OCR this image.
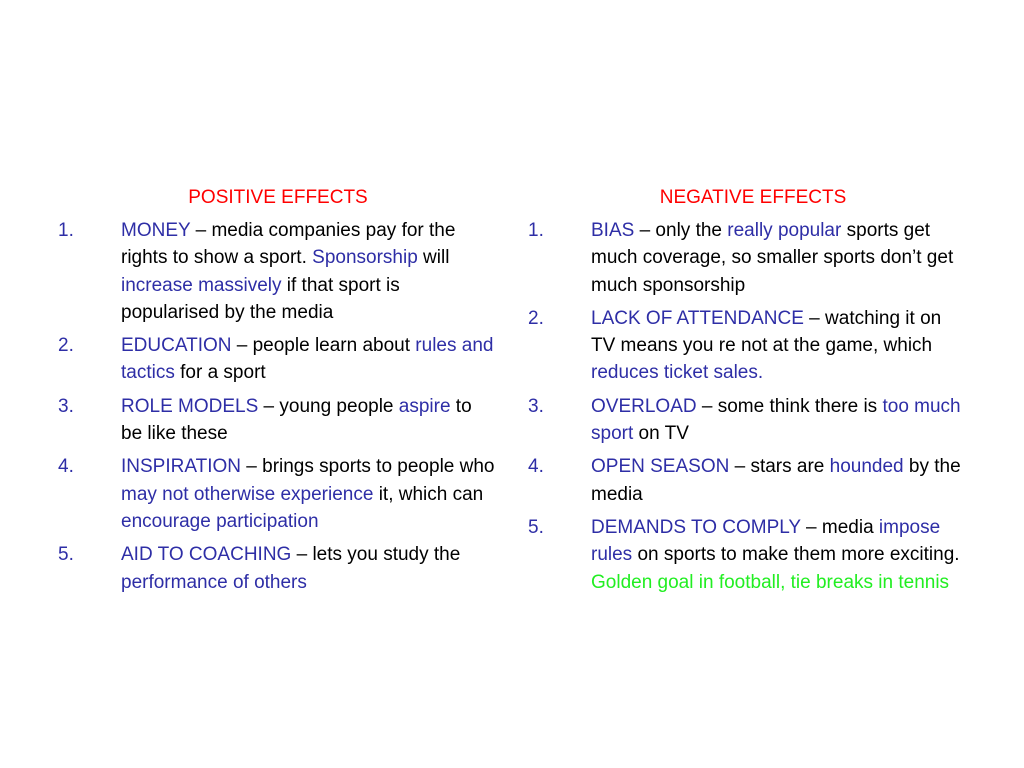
POSITIVE EFFECTS
1.	MONEY – media companies pay for the rights to show a sport. Sponsorship will increase massively if that sport is popularised by the media
2.	EDUCATION – people learn about rules and tactics for a sport
3.	ROLE MODELS – young people aspire to be like these
4.	INSPIRATION – brings sports to people who may not otherwise experience it, which can encourage participation
5.	AID TO COACHING – lets you study the performance of others
NEGATIVE EFFECTS
1.	BIAS – only the really popular sports get much coverage, so smaller sports don’t get much sponsorship
2.	LACK OF ATTENDANCE – watching it on TV means you re not at the game, which reduces ticket sales.
3.	OVERLOAD – some think there is too much sport on TV
4.	OPEN SEASON – stars are hounded by the media
5.	DEMANDS TO COMPLY – media impose rules on sports to make them more exciting. Golden goal in football, tie breaks in tennis
